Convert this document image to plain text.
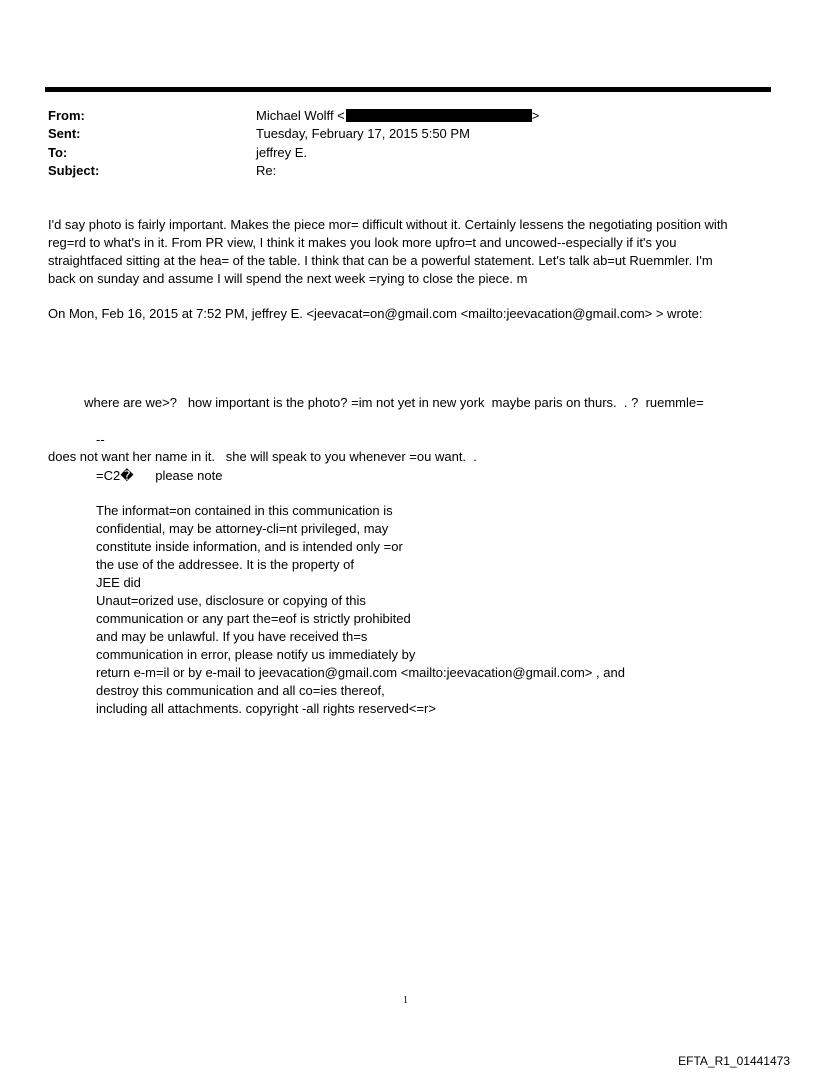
From:	Michael Wolff <	>
Sent:	Tuesday, February 17, 2015 5:50 PM
To:	jeffrey E.
Subject:	Re:
I'd say photo is fairly important. Makes the piece mor= difficult without it. Certainly lessens the negotiating position with
reg=rd to what's in it. From PR view, I think it makes you look more upfro=t and uncowed--especially if it's you
straightfaced sitting at the hea= of the table. I think that can be a powerful statement. Let's talk ab=ut Ruemmler. I'm
back on sunday and assume I will spend the next week =rying to close the piece. m
On Mon, Feb 16, 2015 at 7:52 PM, jeffrey E. <jeevacat=on@gmail.com <mailto:jeevacation@gmail.com> > wrote:

where are we>?   how important is the photo? =im not yet in new york  maybe paris on thurs.  . ?  ruemmle=

does not want her name in it.   she will speak to you whenever =ou want.  .

--
=C2�      please note
The informat=on contained in this communication is
confidential, may be attorney-cli=nt privileged, may
constitute inside information, and is intended only =or
the use of the addressee. It is the property of
JEE did
Unaut=orized use, disclosure or copying of this
communication or any part the=eof is strictly prohibited
and may be unlawful. If you have received th=s
communication in error, please notify us immediately by
return e-m=il or by e-mail to jeevacation@gmail.com <mailto:jeevacation@gmail.com> , and
destroy this communication and all co=ies thereof,
including all attachments. copyright -all rights reserved<=r>
1
EFTA_R1_01441473
